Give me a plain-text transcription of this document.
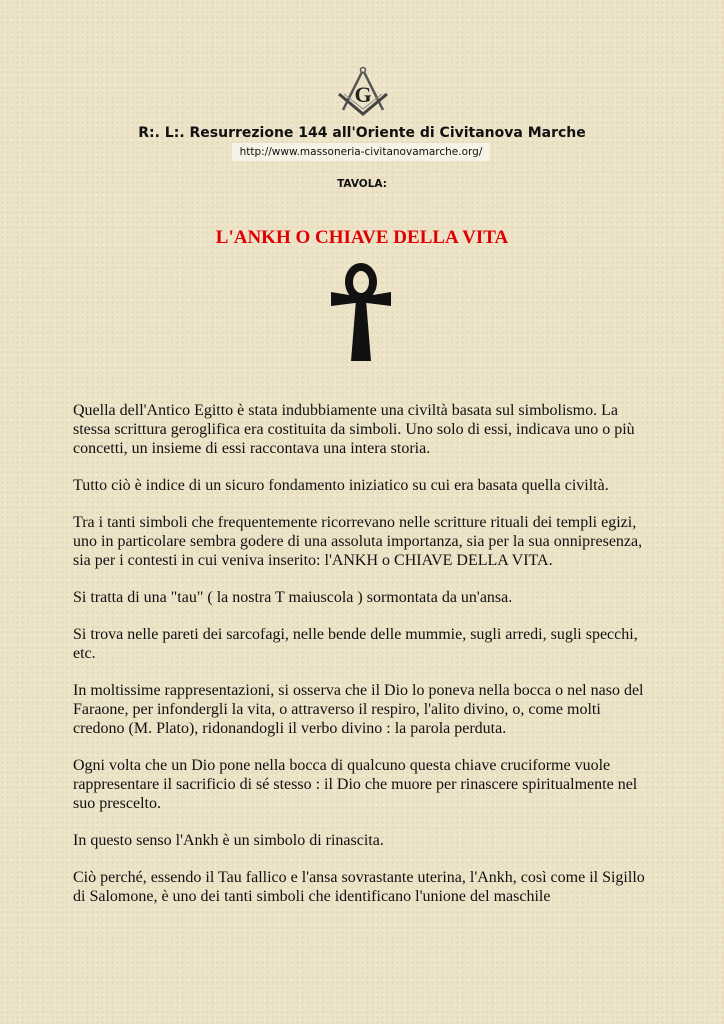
G
R:. L:. Resurrezione 144 all'Oriente di Civitanova Marche
http://www.massoneria-civitanovamarche.org/
TAVOLA:
L'ANKH O CHIAVE DELLA VITA

Quella dell'Antico Egitto è stata indubbiamente una civiltà basata sul simbolismo. La stessa scrittura geroglifica era costituita da simboli. Uno solo di essi, indicava uno o più concetti, un insieme di essi raccontava una intera storia.

Tutto ciò è indice di un sicuro fondamento iniziatico su cui era basata quella civiltà.

Tra i tanti simboli che frequentemente ricorrevano nelle scritture rituali dei templi egizi, uno in particolare sembra godere di una assoluta importanza, sia per la sua onnipresenza, sia per i contesti in cui veniva inserito: l'ANKH o CHIAVE DELLA VITA.

Si tratta di una "tau" ( la nostra T maiuscola ) sormontata da un'ansa.

Si trova nelle pareti dei sarcofagi, nelle bende delle mummie, sugli arredi, sugli specchi, etc.

In moltissime rappresentazioni, si osserva che il Dio lo poneva nella bocca o nel naso del Faraone, per infondergli la vita, o attraverso il respiro, l'alito divino, o, come molti credono (M. Plato), ridonandogli il verbo divino : la parola perduta.

Ogni volta che un Dio pone nella bocca di qualcuno questa chiave cruciforme vuole rappresentare il sacrificio di sé stesso : il Dio che muore per rinascere spiritualmente nel suo prescelto.

In questo senso l'Ankh è un simbolo di rinascita.

Ciò perché, essendo il Tau fallico e l'ansa sovrastante uterina, l'Ankh, così come il Sigillo di Salomone, è uno dei tanti simboli che identificano l'unione del maschile
